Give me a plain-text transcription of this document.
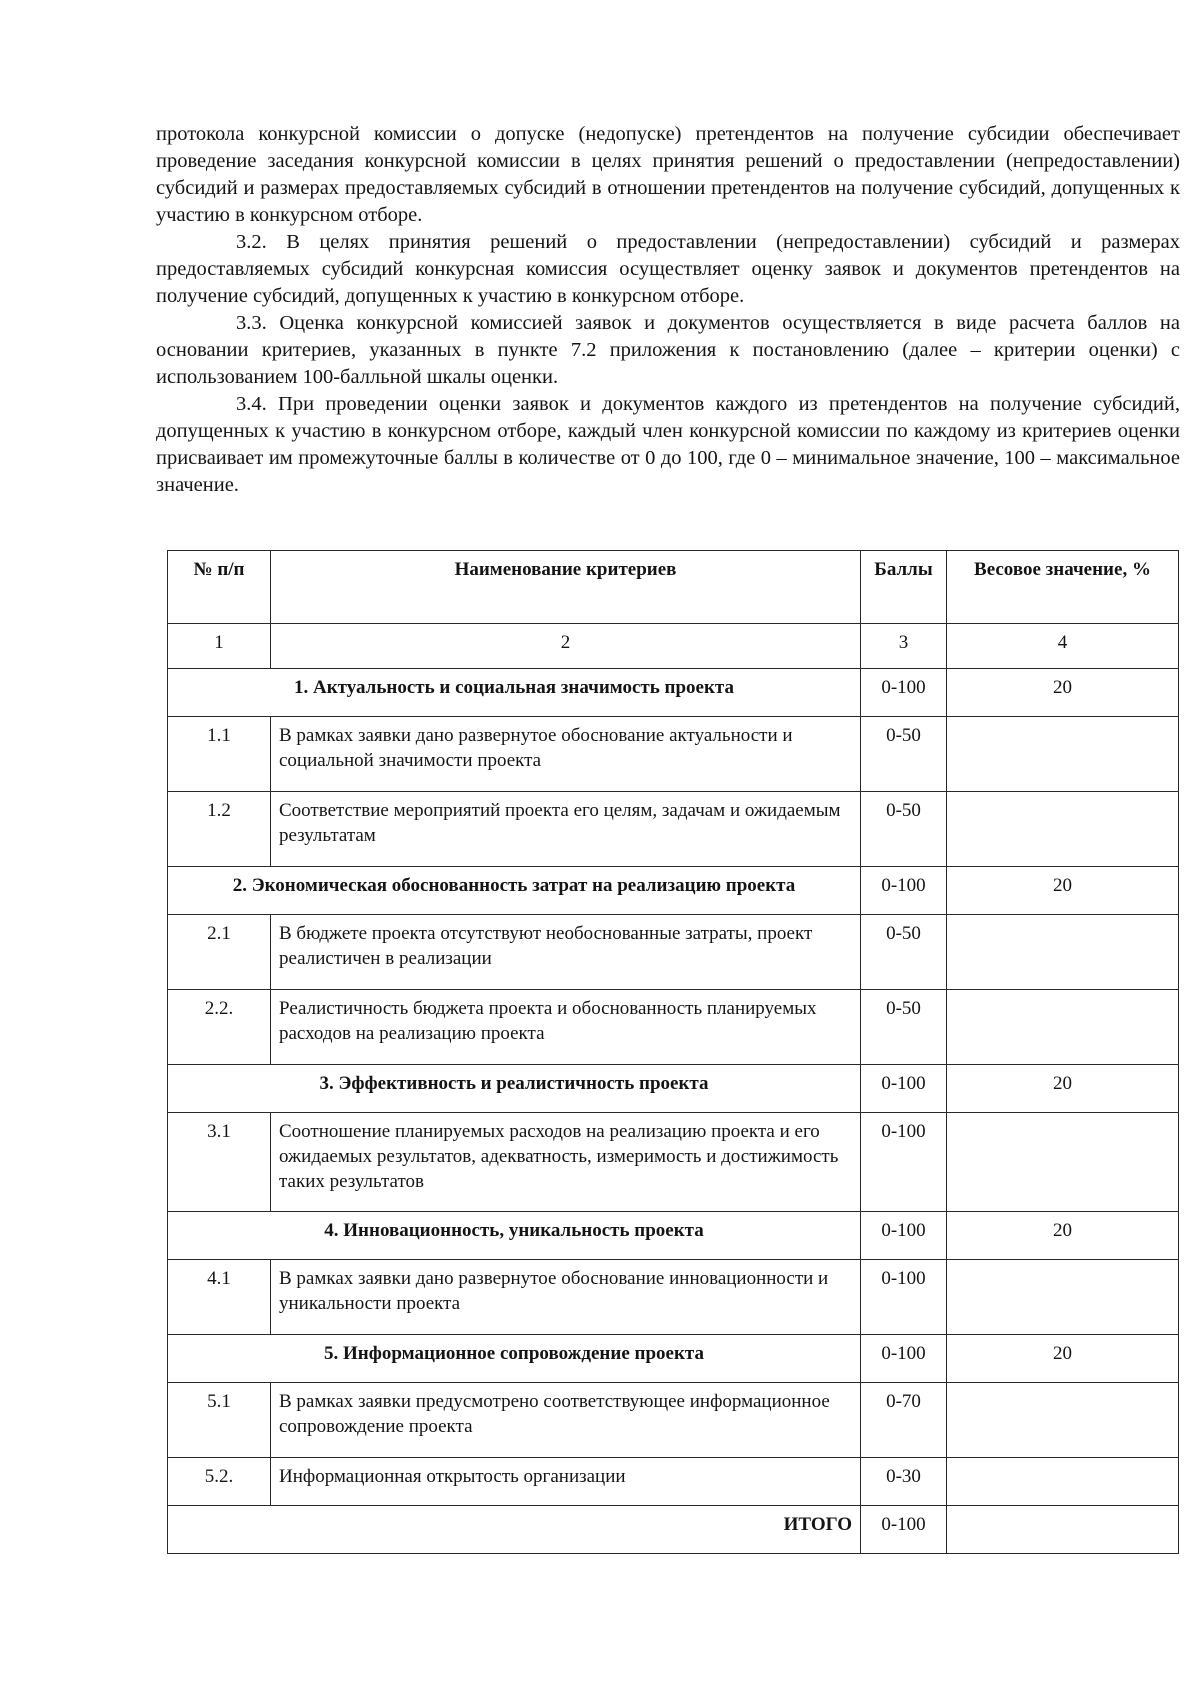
протокола конкурсной комиссии о допуске (недопуске) претендентов на получение субсидии обеспечивает проведение заседания конкурсной комиссии в целях принятия решений о предоставлении (непредоставлении) субсидий и размерах предоставляемых субсидий в отношении претендентов на получение субсидий, допущенных к участию в конкурсном отборе.

3.2. В целях принятия решений о предоставлении (непредоставлении) субсидий и размерах предоставляемых субсидий конкурсная комиссия осуществляет оценку заявок и документов претендентов на получение субсидий, допущенных к участию в конкурсном отборе.

3.3. Оценка конкурсной комиссией заявок и документов осуществляется в виде расчета баллов на основании критериев, указанных в пункте 7.2 приложения к постановлению (далее – критерии оценки) с использованием 100-балльной шкалы оценки.

3.4. При проведении оценки заявок и документов каждого из претендентов на получение субсидий, допущенных к участию в конкурсном отборе, каждый член конкурсной комиссии по каждому из критериев оценки присваивает им промежуточные баллы в количестве от 0 до 100, где 0 – минимальное значение, 100 – максимальное значение.

№ п/п	Наименование критериев	Баллы	Весовое значение, %
1	2	3	4
1. Актуальность и социальная значимость проекта		0-100	20
1.1	В рамках заявки дано развернутое обоснование актуальности и социальной значимости проекта	0-50	
1.2	Соответствие мероприятий проекта его целям, задачам и ожидаемым результатам	0-50	
2. Экономическая обоснованность затрат на реализацию проекта		0-100	20
2.1	В бюджете проекта отсутствуют необоснованные затраты, проект реалистичен в реализации	0-50	
2.2.	Реалистичность бюджета проекта и обоснованность планируемых расходов на реализацию проекта	0-50	
3. Эффективность и реалистичность проекта		0-100	20
3.1	Соотношение планируемых расходов на реализацию проекта и его ожидаемых результатов, адекватность, измеримость и достижимость таких результатов	0-100	
4. Инновационность, уникальность проекта		0-100	20
4.1	В рамках заявки дано развернутое обоснование инновационности и уникальности проекта	0-100	
5. Информационное сопровождение проекта		0-100	20
5.1	В рамках заявки предусмотрено соответствующее информационное сопровождение проекта	0-70	
5.2.	Информационная открытость организации	0-30	
ИТОГО		0-100	
